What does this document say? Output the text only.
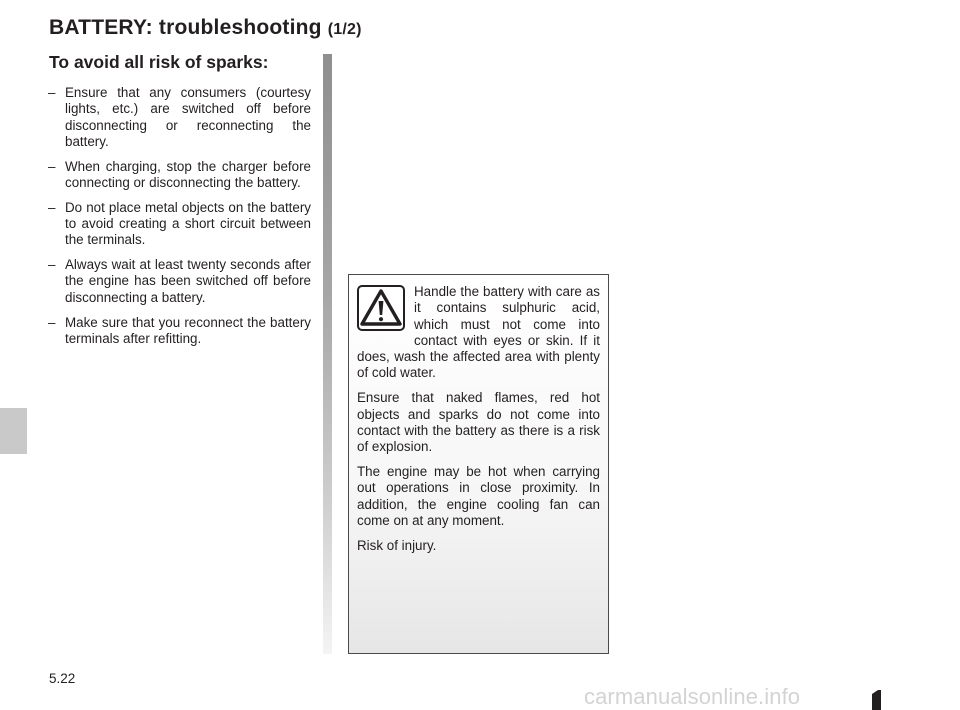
BATTERY: troubleshooting (1/2)
To avoid all risk of sparks:
– Ensure that any consumers (courtesy lights, etc.) are switched off before disconnecting or reconnecting the battery.
– When charging, stop the charger before connecting or disconnecting the battery.
– Do not place metal objects on the battery to avoid creating a short circuit between the terminals.
– Always wait at least twenty seconds after the engine has been switched off before disconnecting a battery.
– Make sure that you reconnect the battery terminals after refitting.

Handle the battery with care as it contains sulphuric acid, which must not come into contact with eyes or skin. If it does, wash the affected area with plenty of cold water.

Ensure that naked flames, red hot objects and sparks do not come into contact with the battery as there is a risk of explosion.

The engine may be hot when carrying out operations in close proximity. In addition, the engine cooling fan can come on at any moment.

Risk of injury.

5.22
carmanualsonline.info
